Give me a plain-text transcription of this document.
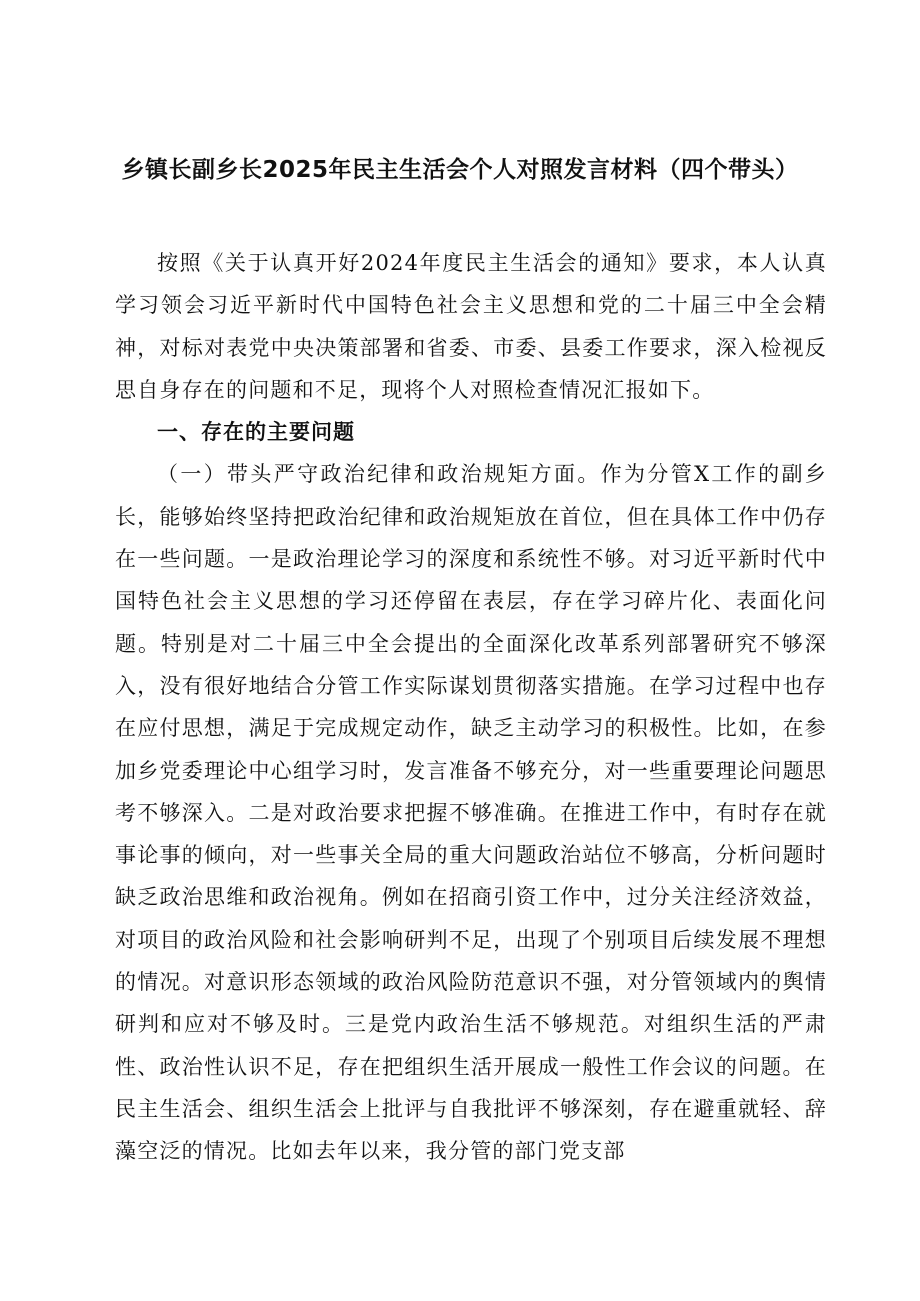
乡镇长副乡长2025年民主生活会个人对照发言材料（四个带头）

按照《关于认真开好2024年度民主生活会的通知》要求，本人认真学习领会习近平新时代中国特色社会主义思想和党的二十届三中全会精神，对标对表党中央决策部署和省委、市委、县委工作要求，深入检视反思自身存在的问题和不足，现将个人对照检查情况汇报如下。

一、存在的主要问题

（一）带头严守政治纪律和政治规矩方面。作为分管X工作的副乡长，能够始终坚持把政治纪律和政治规矩放在首位，但在具体工作中仍存在一些问题。一是政治理论学习的深度和系统性不够。对习近平新时代中国特色社会主义思想的学习还停留在表层，存在学习碎片化、表面化问题。特别是对二十届三中全会提出的全面深化改革系列部署研究不够深入，没有很好地结合分管工作实际谋划贯彻落实措施。在学习过程中也存在应付思想，满足于完成规定动作，缺乏主动学习的积极性。比如，在参加乡党委理论中心组学习时，发言准备不够充分，对一些重要理论问题思考不够深入。二是对政治要求把握不够准确。在推进工作中，有时存在就事论事的倾向，对一些事关全局的重大问题政治站位不够高，分析问题时缺乏政治思维和政治视角。例如在招商引资工作中，过分关注经济效益，对项目的政治风险和社会影响研判不足，出现了个别项目后续发展不理想的情况。对意识形态领域的政治风险防范意识不强，对分管领域内的舆情研判和应对不够及时。三是党内政治生活不够规范。对组织生活的严肃性、政治性认识不足，存在把组织生活开展成一般性工作会议的问题。在民主生活会、组织生活会上批评与自我批评不够深刻，存在避重就轻、辞藻空泛的情况。比如去年以来，我分管的部门党支部
